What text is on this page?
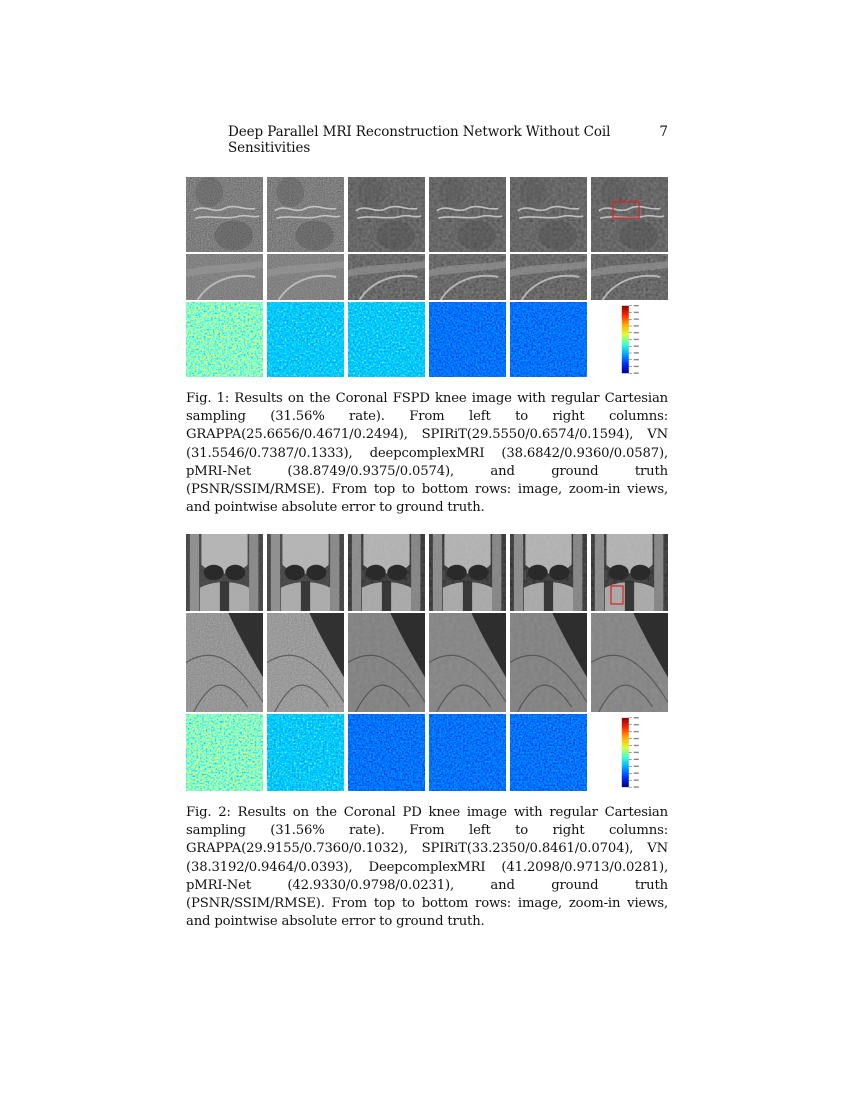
Deep Parallel MRI Reconstruction Network Without Coil Sensitivities
7
Fig. 1: Results on the Coronal FSPD knee image with regular Cartesian sampling (31.56% rate). From left to right columns: GRAPPA(25.6656/0.4671/0.2494), SPIRiT(29.5550/0.6574/0.1594), VN (31.5546/0.7387/0.1333), deepcomplexMRI (38.6842/0.9360/0.0587), pMRI-Net (38.8749/0.9375/0.0574), and ground truth (PSNR/SSIM/RMSE). From top to bottom rows: image, zoom-in views, and pointwise absolute error to ground truth.
Fig. 2: Results on the Coronal PD knee image with regular Cartesian sampling (31.56% rate). From left to right columns: GRAPPA(29.9155/0.7360/0.1032), SPIRiT(33.2350/0.8461/0.0704), VN (38.3192/0.9464/0.0393), DeepcomplexMRI (41.2098/0.9713/0.0281), pMRI-Net (42.9330/0.9798/0.0231), and ground truth (PSNR/SSIM/RMSE). From top to bottom rows: image, zoom-in views, and pointwise absolute error to ground truth.
